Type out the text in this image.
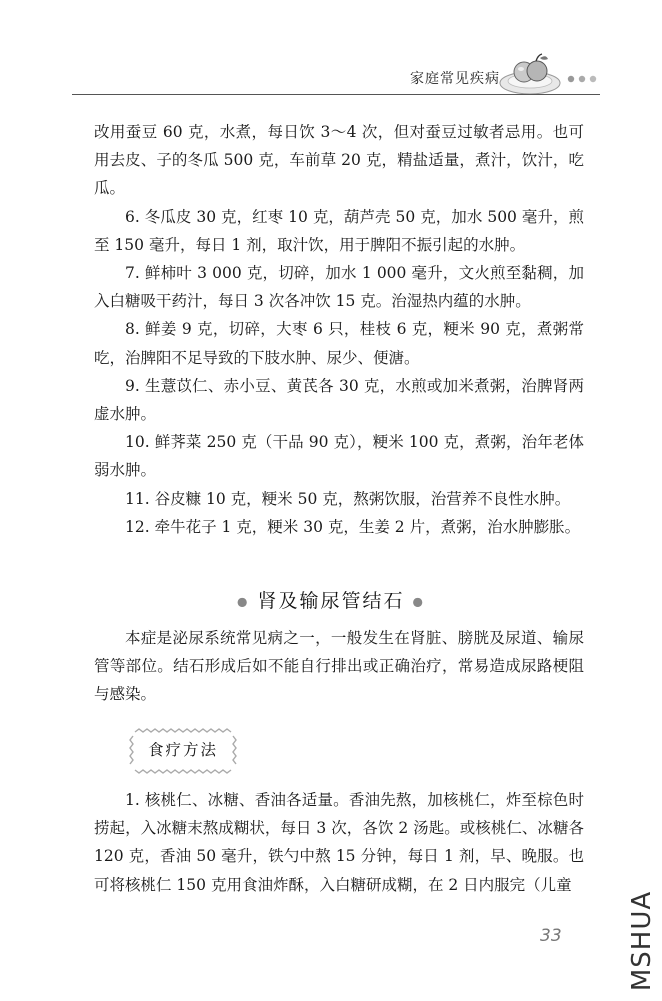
家庭常见疾病

改用蚕豆 60 克，水煮，每日饮 3～4 次，但对蚕豆过敏者忌用。也可用去皮、子的冬瓜 500 克，车前草 20 克，精盐适量，煮汁，饮汁，吃瓜。

6. 冬瓜皮 30 克，红枣 10 克，葫芦壳 50 克，加水 500 毫升，煎至 150 毫升，每日 1 剂，取汁饮，用于脾阳不振引起的水肿。

7. 鲜柿叶 3 000 克，切碎，加水 1 000 毫升，文火煎至黏稠，加入白糖吸干药汁，每日 3 次各冲饮 15 克。治湿热内蕴的水肿。

8. 鲜姜 9 克，切碎，大枣 6 只，桂枝 6 克，粳米 90 克，煮粥常吃，治脾阳不足导致的下肢水肿、尿少、便溏。

9. 生薏苡仁、赤小豆、黄芪各 30 克，水煎或加米煮粥，治脾肾两虚水肿。

10. 鲜荠菜 250 克（干品 90 克），粳米 100 克，煮粥，治年老体弱水肿。

11. 谷皮糠 10 克，粳米 50 克，熬粥饮服，治营养不良性水肿。

12. 牵牛花子 1 克，粳米 30 克，生姜 2 片，煮粥，治水肿膨胀。

● 肾及输尿管结石 ●

本症是泌尿系统常见病之一，一般发生在肾脏、膀胱及尿道、输尿管等部位。结石形成后如不能自行排出或正确治疗，常易造成尿路梗阻与感染。

食疗方法

1. 核桃仁、冰糖、香油各适量。香油先熬，加核桃仁，炸至棕色时捞起，入冰糖末熬成糊状，每日 3 次，各饮 2 汤匙。或核桃仁、冰糖各 120 克，香油 50 毫升，铁勺中熬 15 分钟，每日 1 剂，早、晚服。也可将核桃仁 150 克用食油炸酥，入白糖研成糊，在 2 日内服完（儿童

33	MSHUA
